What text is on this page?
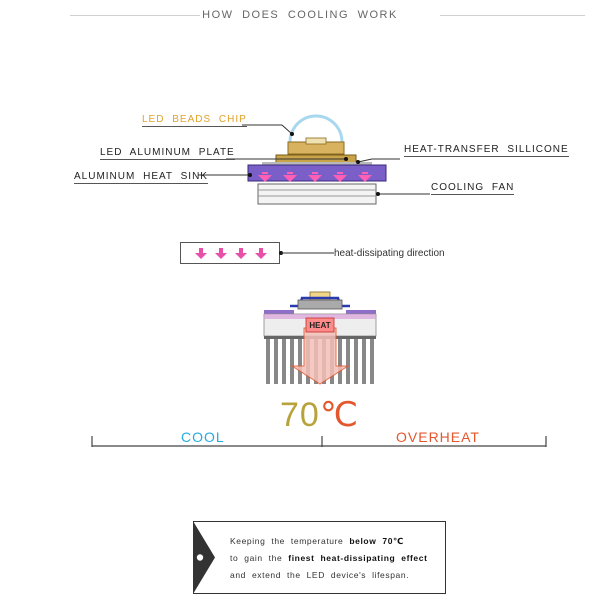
HOW DOES COOLING WORK
LED BEADS CHIP
LED ALUMINUM PLATE
ALUMINUM HEAT SINK
HEAT-TRANSFER SILLICONE
COOLING FAN
heat-dissipating direction
HEAT
70℃
COOL	OVERHEAT
Keeping the temperature below 70℃
to gain the finest heat-dissipating effect
and extend the LED device's lifespan.
